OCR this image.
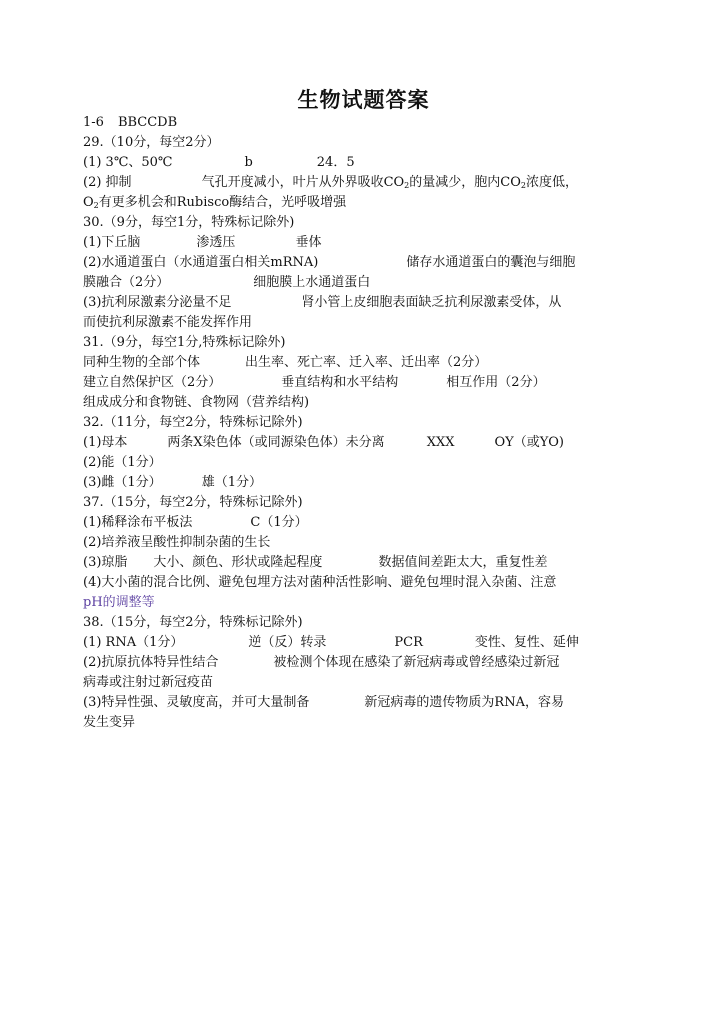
生物试题答案
1-6 BBCCDB
29.（10分，每空2分）
(1) 3℃、50℃	b	24．5
(2) 抑制	气孔开度减小，叶片从外界吸收$CO_2$的量减少，胞内$CO_2$浓度低，
$O_2$有更多机会和Rubisco酶结合，光呼吸增强
30.（9分，每空1分，特殊标记除外)
(1)下丘脑	渗透压	垂体
(2)水通道蛋白（水通道蛋白相关mRNA)	储存水通道蛋白的囊泡与细胞
膜融合（2分）	细胞膜上水通道蛋白
(3)抗利尿激素分泌量不足	肾小管上皮细胞表面缺乏抗利尿激素受体，从
而使抗利尿激素不能发挥作用
31.（9分，每空1分,特殊标记除外)
同种生物的全部个体	出生率、死亡率、迁入率、迁出率（2分）
建立自然保护区（2分）	垂直结构和水平结构	相互作用（2分）
组成成分和食物链、食物网（营养结构)
32.（11分，每空2分，特殊标记除外)
(1)母本	两条X染色体（或同源染色体）未分离	XXX	OY（或YO)
(2)能（1分）
(3)雌（1分）	雄（1分）
37.（15分，每空2分，特殊标记除外)
(1)稀释涂布平板法	C（1分）
(2)培养液呈酸性抑制杂菌的生长
(3)琼脂 大小、颜色、形状或隆起程度	数据值间差距太大，重复性差
(4)大小菌的混合比例、避免包埋方法对菌种活性影响、避免包埋时混入杂菌、注意
pH的调整等
38.（15分，每空2分，特殊标记除外)
(1) RNA（1分）	逆（反）转录	PCR	变性、复性、延伸
(2)抗原抗体特异性结合	被检测个体现在感染了新冠病毒或曾经感染过新冠
病毒或注射过新冠疫苗
(3)特异性强、灵敏度高，并可大量制备	新冠病毒的遗传物质为RNA，容易
发生变异
